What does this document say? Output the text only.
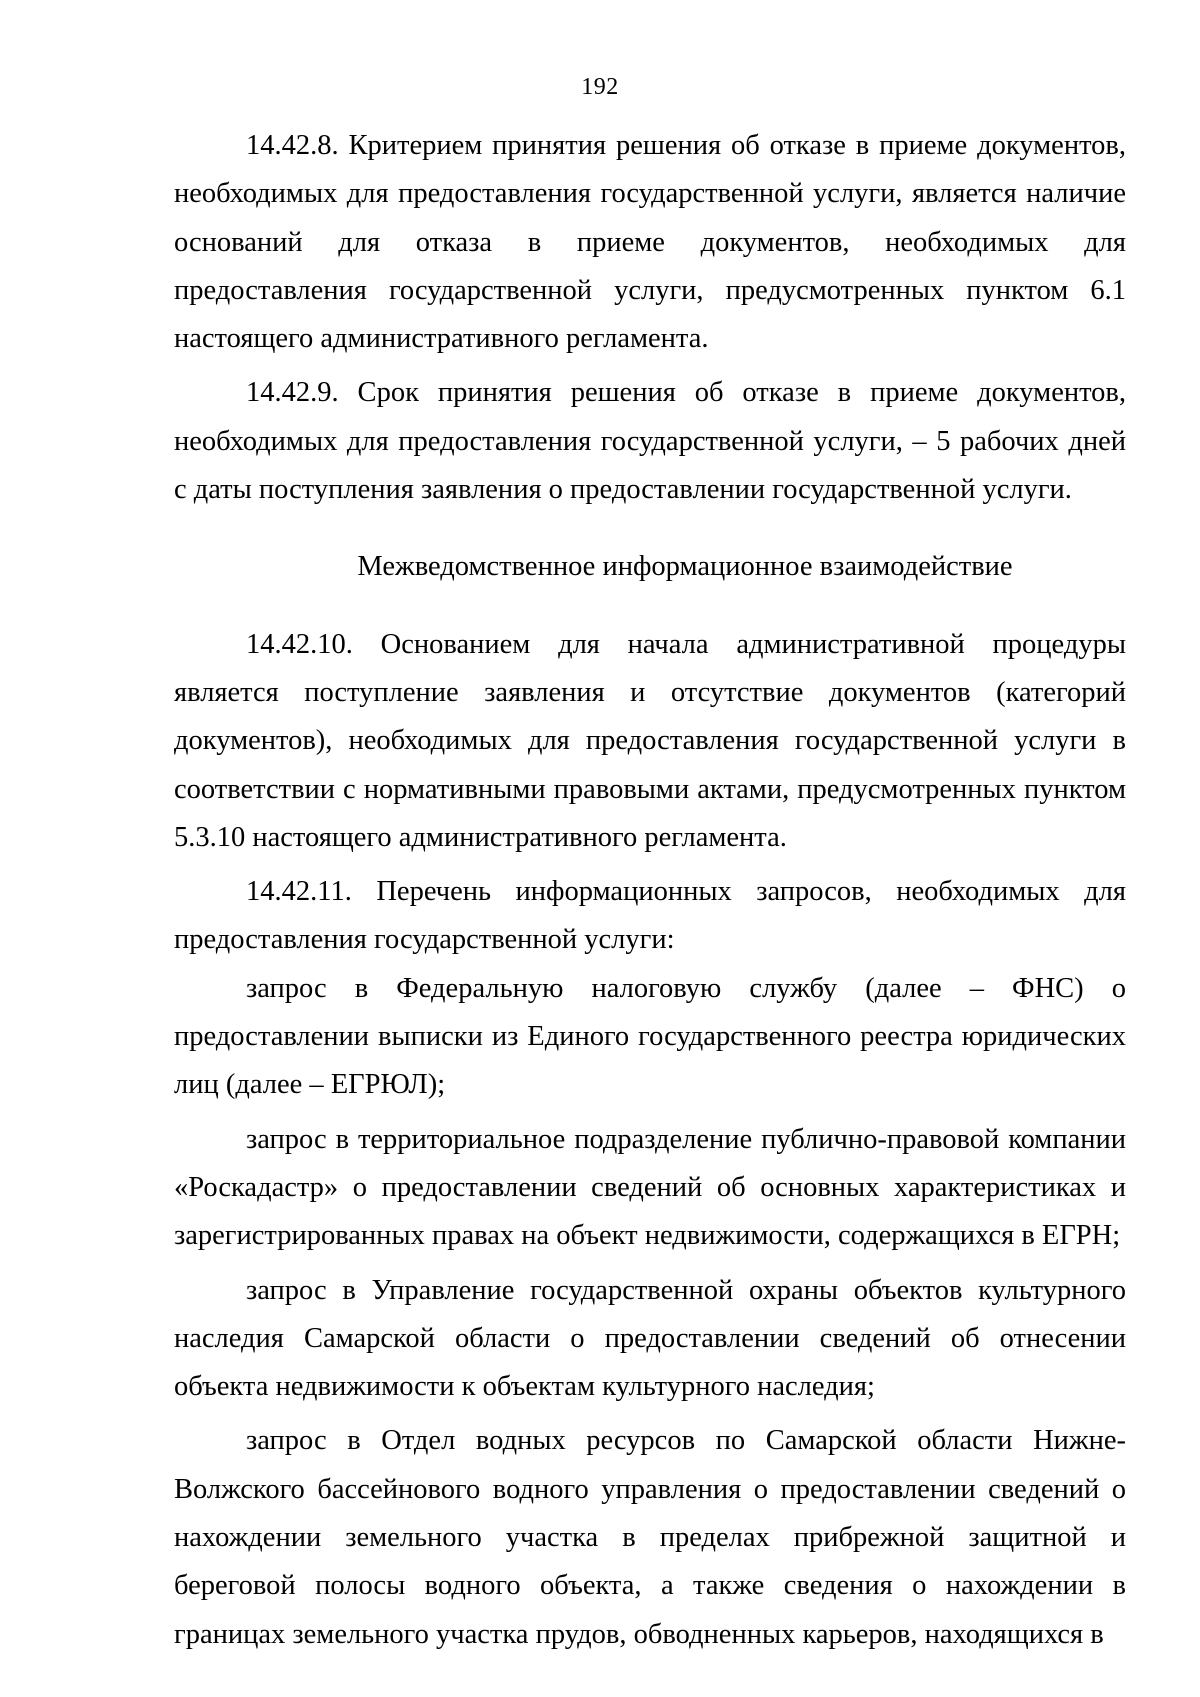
192

14.42.8. Критерием принятия решения об отказе в приеме документов, необходимых для предоставления государственной услуги, является наличие оснований для отказа в приеме документов, необходимых для предоставления государственной услуги, предусмотренных пунктом 6.1 настоящего административного регламента.

14.42.9. Срок принятия решения об отказе в приеме документов, необходимых для предоставления государственной услуги, – 5 рабочих дней с даты поступления заявления о предоставлении государственной услуги.

Межведомственное информационное взаимодействие

14.42.10. Основанием для начала административной процедуры является поступление заявления и отсутствие документов (категорий документов), необходимых для предоставления государственной услуги в соответствии с нормативными правовыми актами, предусмотренных пунктом 5.3.10 настоящего административного регламента.

14.42.11. Перечень информационных запросов, необходимых для предоставления государственной услуги:

запрос в Федеральную налоговую службу (далее – ФНС) о предоставлении выписки из Единого государственного реестра юридических лиц (далее – ЕГРЮЛ);

запрос в территориальное подразделение публично-правовой компании «Роскадастр» о предоставлении сведений об основных характеристиках и зарегистрированных правах на объект недвижимости, содержащихся в ЕГРН;

запрос в Управление государственной охраны объектов культурного наследия Самарской области о предоставлении сведений об отнесении объекта недвижимости к объектам культурного наследия;

запрос в Отдел водных ресурсов по Самарской области Нижне-Волжского бассейнового водного управления о предоставлении сведений о нахождении земельного участка в пределах прибрежной защитной и береговой полосы водного объекта, а также сведения о нахождении в границах земельного участка прудов, обводненных карьеров, находящихся в
